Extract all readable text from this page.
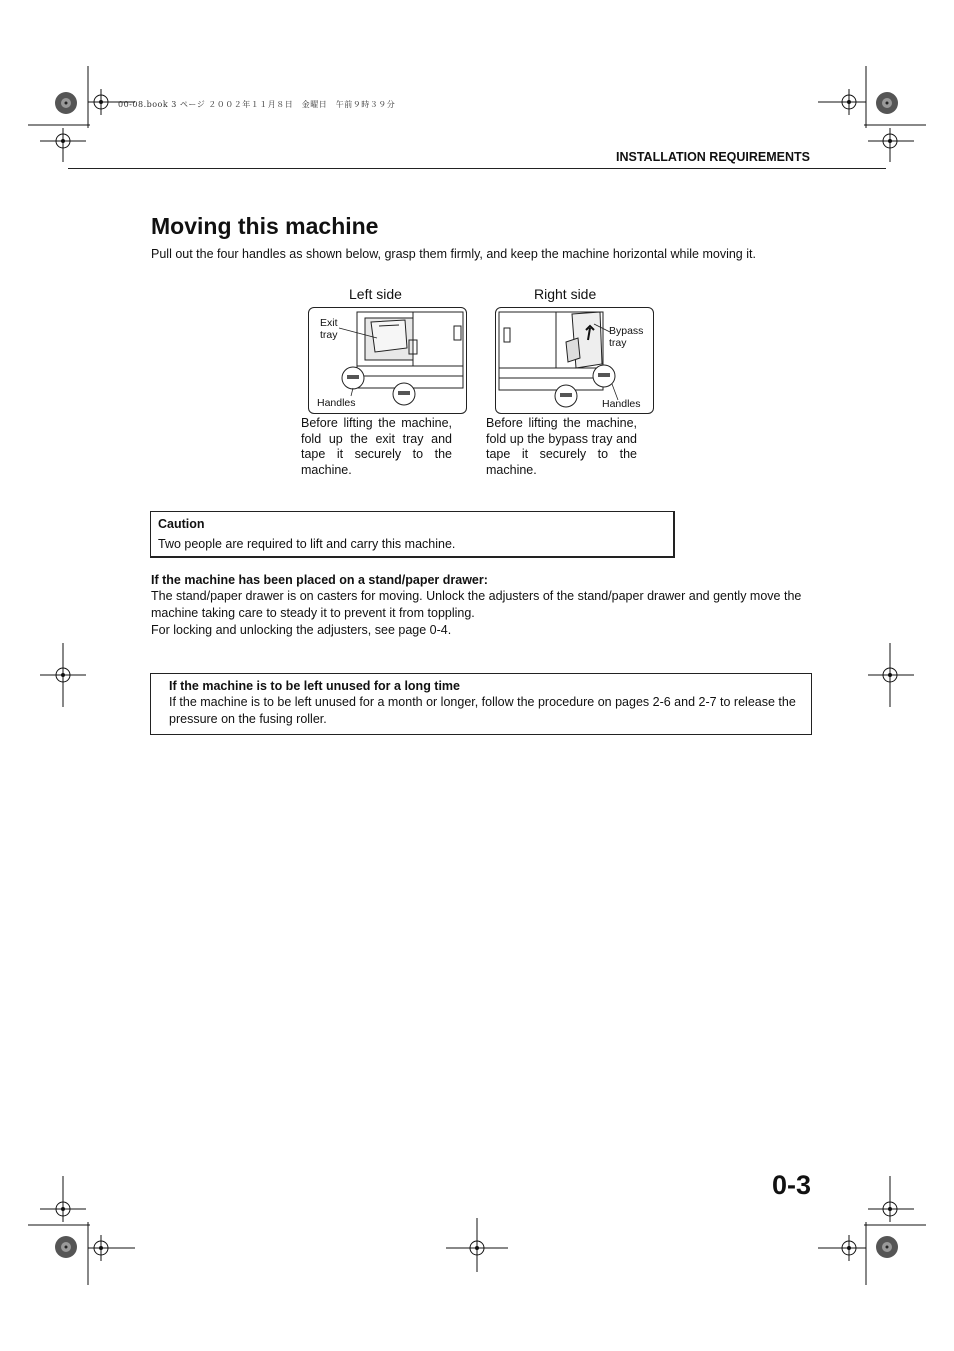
00-08.book 3 ページ ２００２年１１月８日　金曜日　午前９時３９分
INSTALLATION REQUIREMENTS
Moving this machine
Pull out the four handles as shown below, grasp them firmly, and keep the machine horizontal while moving it.
Left side
Exit
tray
Handles
Before lifting the machine, fold up the exit tray and tape it securely to the machine.
Right side
Bypass
tray
Handles
Before lifting the machine, fold up the bypass tray and tape it securely to the machine.
Caution
Two people are required to lift and carry this machine.
If the machine has been placed on a stand/paper drawer:
The stand/paper drawer is on casters for moving. Unlock the adjusters of the stand/paper drawer and gently move the machine taking care to steady it to prevent it from toppling.
For locking and unlocking the adjusters, see page 0-4.
If the machine is to be left unused for a long time
If the machine is to be left unused for a month or longer, follow the procedure on pages 2-6 and 2-7 to release the pressure on the fusing roller.
0-3
